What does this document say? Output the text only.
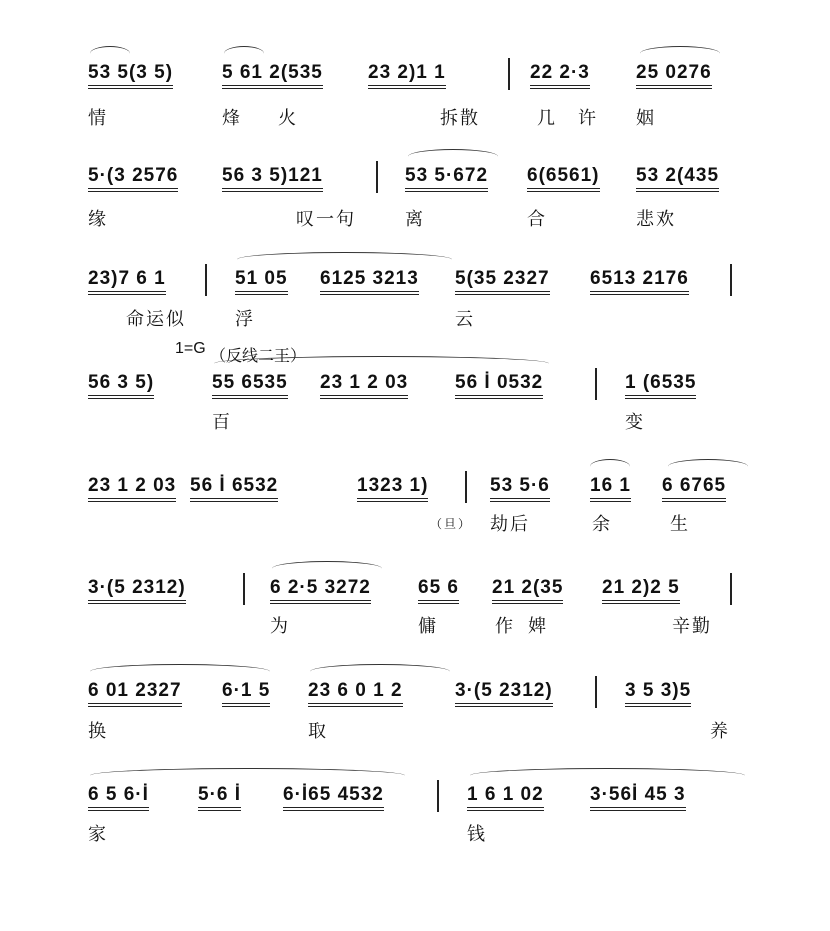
1=G （反线二王）
53 5(3 5)	5 61 2(535 23 2)1 1	22 2·3 25 0276
情	烽 火	拆散	几 许 姻
5·(3 2576 56 3 5)121	53 5·672 6(6561) 53 2(435
缘	叹一句	离	合	悲欢
23)7 6 1	51 05 6125 3213 5(35 2327 6513 2176
命运似	浮	云
56 3 5)	55 6535 23 1 2 03 56 İ 0532	1 (6535
百	变
23 1 2 03 56 İ 6532	1323 1)	53 5·6 16 1 6 6765
（旦） 劫后	余	生
3·(5 2312)	6 2·5 3272 65 6 21 2(35 21 2)2 5
为	傭	作 婢	辛勤
6 01 2327 6·1 5 23 6 0 1 2	3·(5 2312)	3 5 3)5
换	取	养
6 5 6·İ	5·6 İ 6·İ65 4532	1 6 1 02 3·56İ 45 3
家	钱
